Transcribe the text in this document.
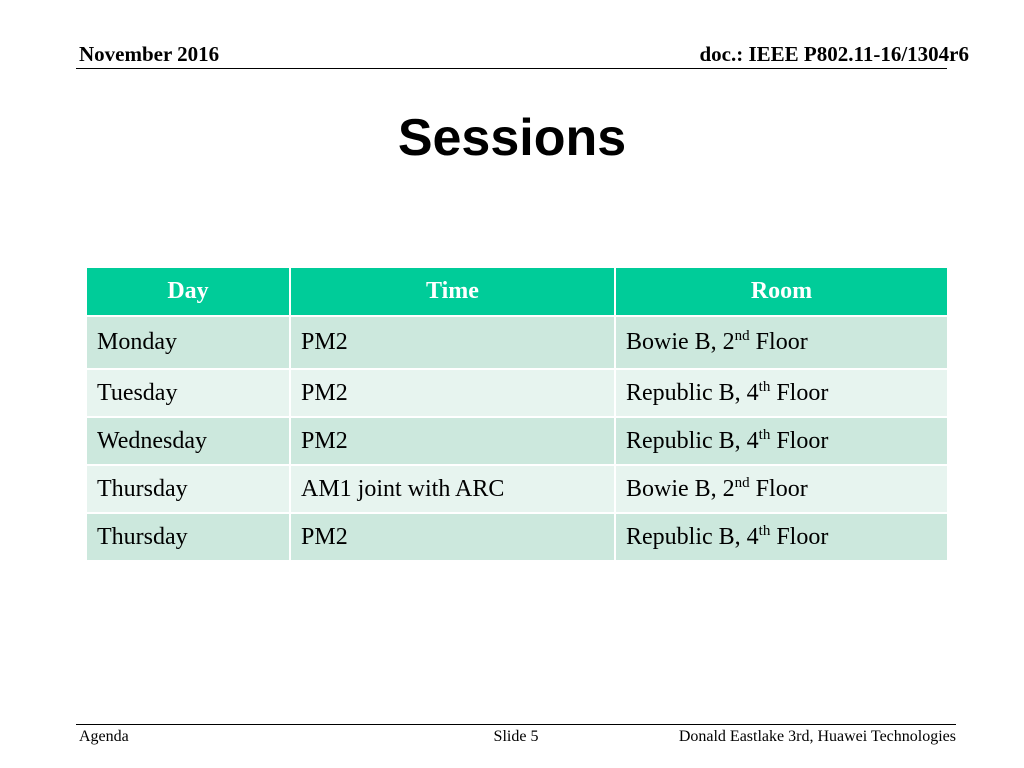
November 2016	doc.: IEEE P802.11-16/1304r6
Sessions
Day	Time	Room
Monday	PM2	Bowie B, 2nd Floor
Tuesday	PM2	Republic B, 4th Floor
Wednesday	PM2	Republic B, 4th Floor
Thursday	AM1 joint with ARC	Bowie B, 2nd Floor
Thursday	PM2	Republic B, 4th Floor
Agenda	Slide 5	Donald Eastlake 3rd, Huawei Technologies
